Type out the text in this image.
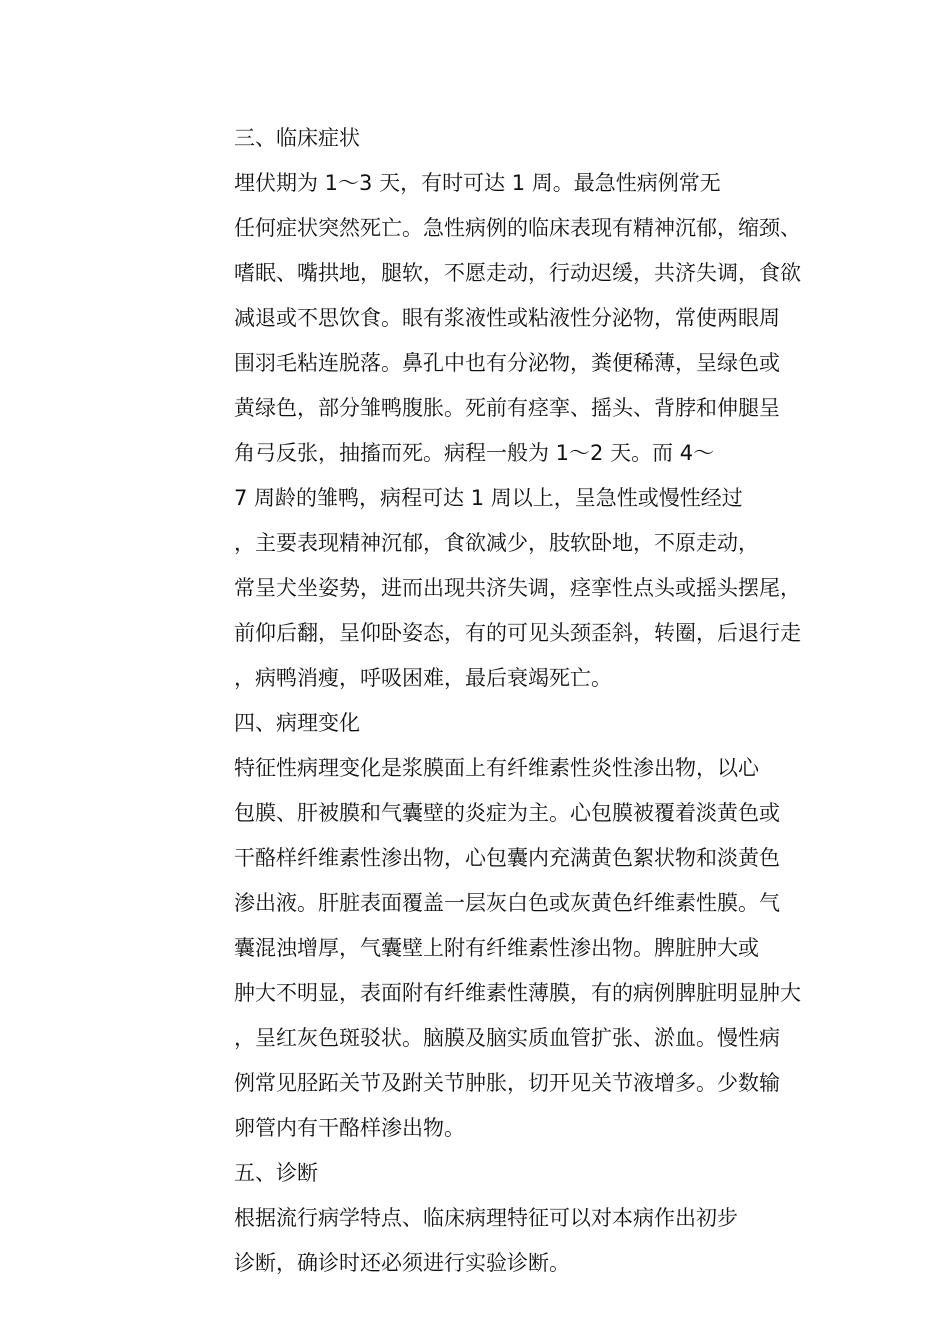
三、临床症状

埋伏期为 1～3 天，有时可达 1 周。最急性病例常无
任何症状突然死亡。急性病例的临床表现有精神沉郁，缩颈、
嗜眠、嘴拱地，腿软，不愿走动，行动迟缓，共济失调，食欲
减退或不思饮食。眼有浆液性或粘液性分泌物，常使两眼周
围羽毛粘连脱落。鼻孔中也有分泌物，粪便稀薄，呈绿色或
黄绿色，部分雏鸭腹胀。死前有痉挛、摇头、背脖和伸腿呈
角弓反张，抽搐而死。病程一般为 1～2 天。而 4～
7 周龄的雏鸭，病程可达 1 周以上，呈急性或慢性经过
，主要表现精神沉郁，食欲减少，肢软卧地，不原走动，
常呈犬坐姿势，进而出现共济失调，痉挛性点头或摇头摆尾，
前仰后翻，呈仰卧姿态，有的可见头颈歪斜，转圈，后退行走
，病鸭消瘦，呼吸困难，最后衰竭死亡。

四、病理变化

特征性病理变化是浆膜面上有纤维素性炎性渗出物，以心
包膜、肝被膜和气囊壁的炎症为主。心包膜被覆着淡黄色或
干酪样纤维素性渗出物，心包囊内充满黄色絮状物和淡黄色
渗出液。肝脏表面覆盖一层灰白色或灰黄色纤维素性膜。气
囊混浊增厚，气囊壁上附有纤维素性渗出物。脾脏肿大或
肿大不明显，表面附有纤维素性薄膜，有的病例脾脏明显肿大
，呈红灰色斑驳状。脑膜及脑实质血管扩张、淤血。慢性病
例常见胫跖关节及跗关节肿胀，切开见关节液增多。少数输
卵管内有干酪样渗出物。

五、诊断

根据流行病学特点、临床病理特征可以对本病作出初步
诊断，确诊时还必须进行实验诊断。
